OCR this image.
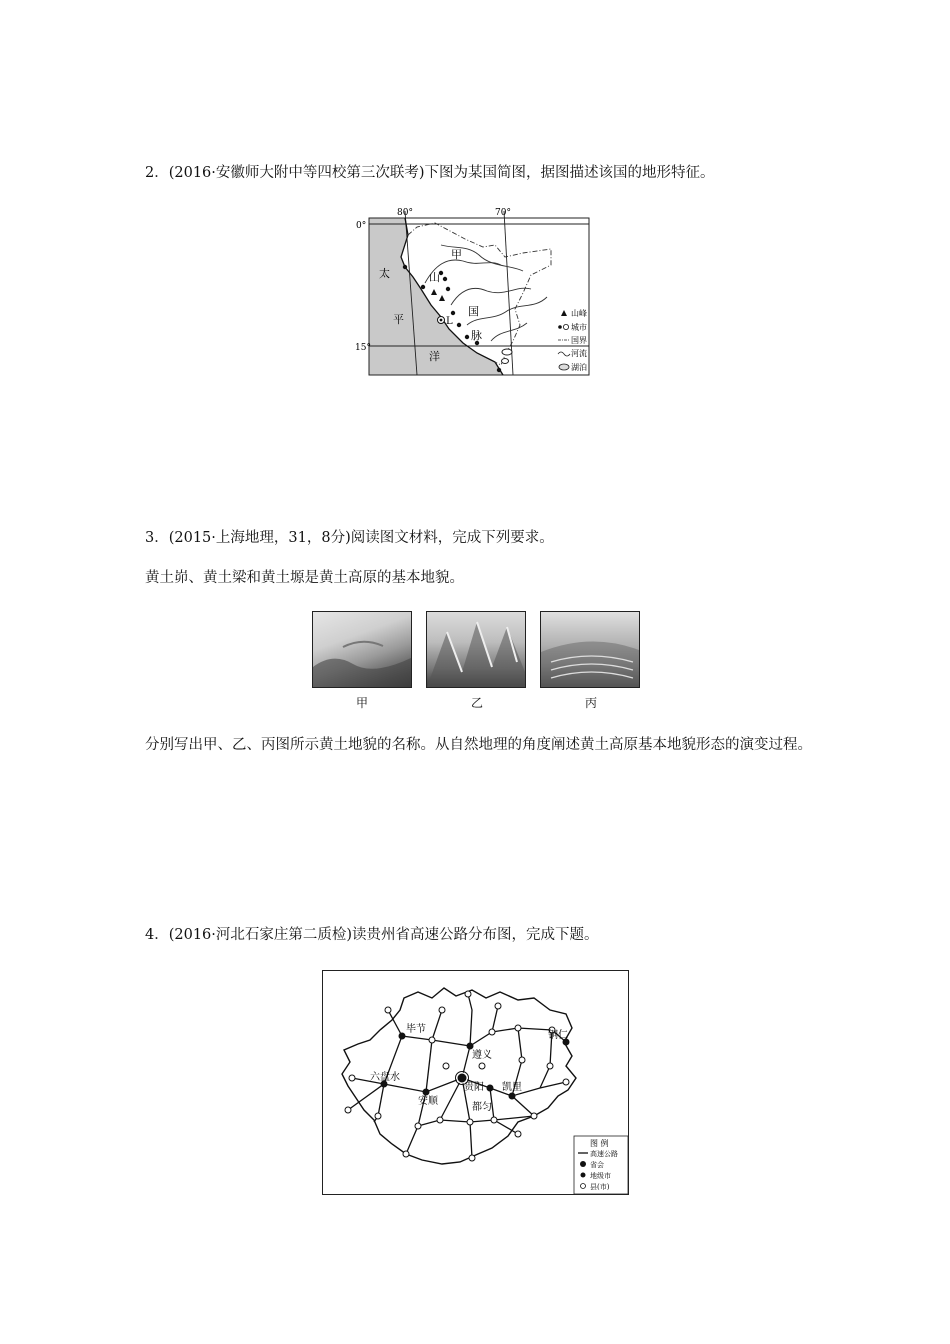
2．(2016·安徽师大附中等四校第三次联考)下图为某国简图，据图描述该国的地形特征。
L
80°	70°
0°
15°
太
平
洋
甲
国
山
脉
山峰
城市
国界
河流
湖泊
3．(2015·上海地理，31，8分)阅读图文材料，完成下列要求。
黄土峁、黄土梁和黄土塬是黄土高原的基本地貌。
甲	乙	丙
分别写出甲、乙、丙图所示黄土地貌的名称。从自然地理的角度阐述黄土高原基本地貌形态的演变过程。
4．(2016·河北石家庄第二质检)读贵州省高速公路分布图，完成下题。
毕节
遵义
铜仁
六盘水
安顺
贵阳 凯里
都匀
图 例
高速公路
省会
地级市
县(市)
